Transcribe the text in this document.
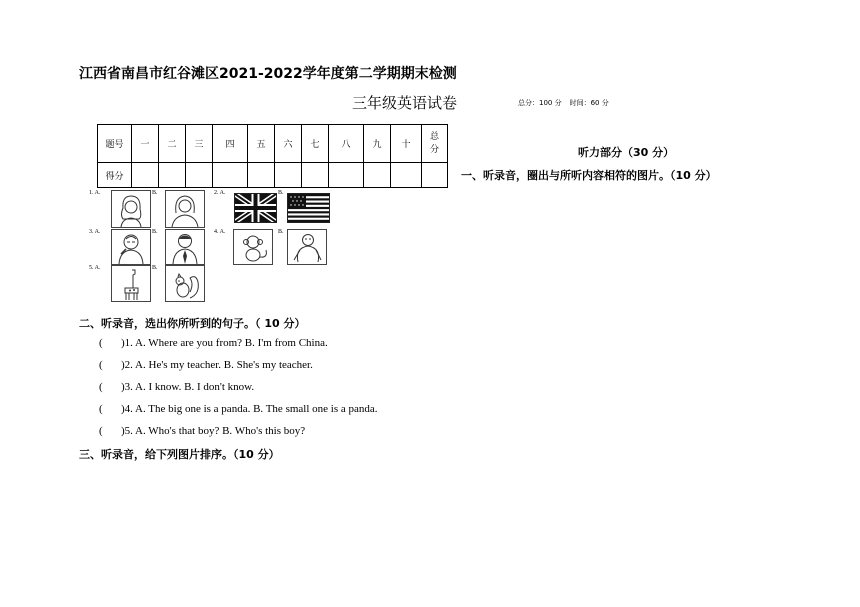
江西省南昌市红谷滩区2021-2022学年度第二学期期末检测
三年级英语试卷	总分：100 分 时间：60 分
题号	一	二	三	四	五	六	七	八	九	十	总分
得分											
听力部分（30 分）
一、听录音，圈出与所听内容相符的图片。（10 分）
1. A.	B.	2. A.	B.
3. A.	B.	4. A.	B.
5. A.	B.
二、听录音，选出你所听到的句子。（ 10 分）
( )1. A. Where are you from? B. I'm from China.
( )2. A. He's my teacher. B. She's my teacher.
( )3. A. I know. B. I don't know.
( )4. A. The big one is a panda. B. The small one is a panda.
( )5. A. Who's that boy? B. Who's this boy?
三、听录音，给下列图片排序。（10 分）
